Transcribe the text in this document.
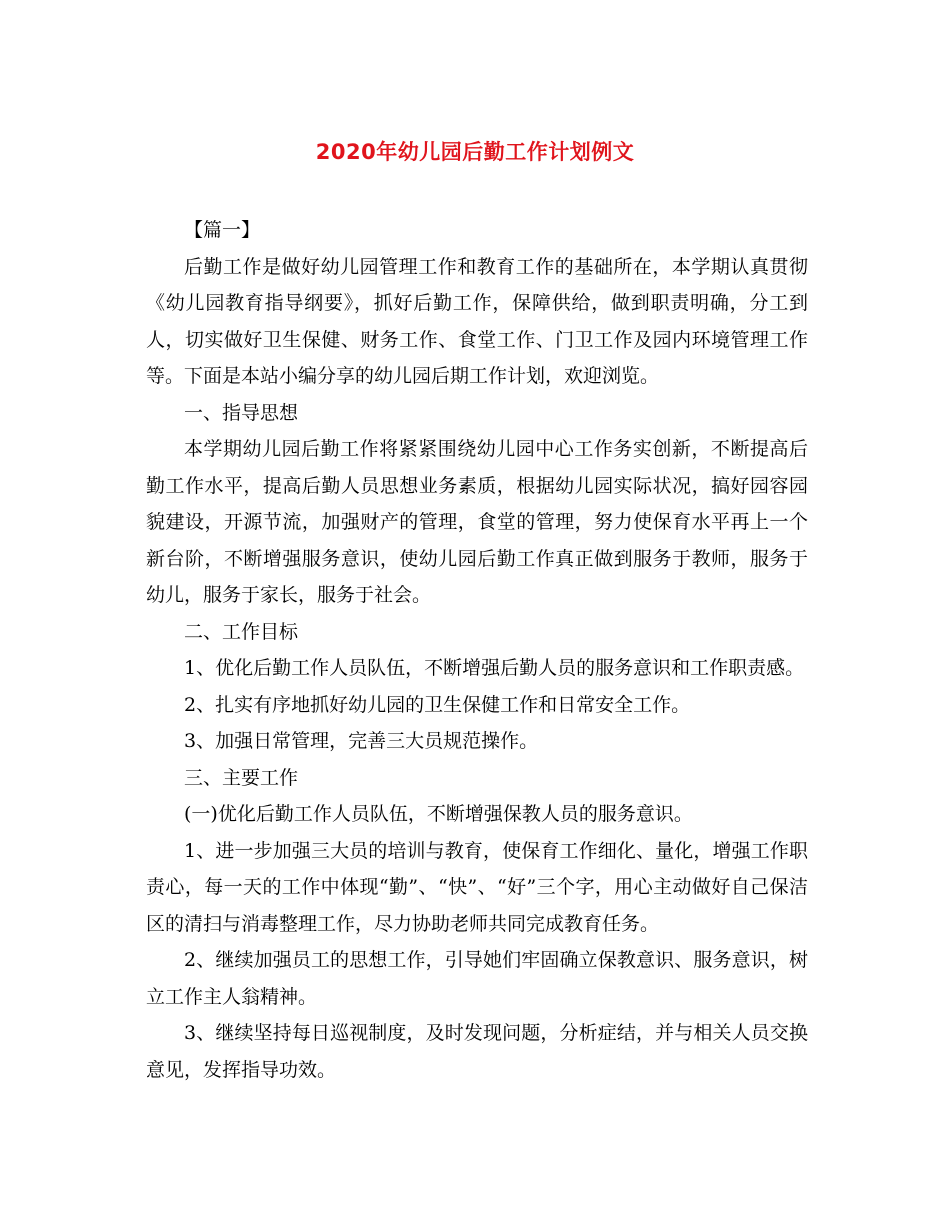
2020年幼儿园后勤工作计划例文

【篇一】

后勤工作是做好幼儿园管理工作和教育工作的基础所在，本学期认真贯彻《幼儿园教育指导纲要》，抓好后勤工作，保障供给，做到职责明确，分工到人，切实做好卫生保健、财务工作、食堂工作、门卫工作及园内环境管理工作等。下面是本站小编分享的幼儿园后期工作计划，欢迎浏览。

一、指导思想

本学期幼儿园后勤工作将紧紧围绕幼儿园中心工作务实创新，不断提高后勤工作水平，提高后勤人员思想业务素质，根据幼儿园实际状况，搞好园容园貌建设，开源节流，加强财产的管理，食堂的管理，努力使保育水平再上一个新台阶，不断增强服务意识，使幼儿园后勤工作真正做到服务于教师，服务于幼儿，服务于家长，服务于社会。

二、工作目标

1、优化后勤工作人员队伍，不断增强后勤人员的服务意识和工作职责感。

2、扎实有序地抓好幼儿园的卫生保健工作和日常安全工作。

3、加强日常管理，完善三大员规范操作。

三、主要工作

(一)优化后勤工作人员队伍，不断增强保教人员的服务意识。

1、进一步加强三大员的培训与教育，使保育工作细化、量化，增强工作职责心，每一天的工作中体现“勤”、“快”、“好”三个字，用心主动做好自己保洁区的清扫与消毒整理工作，尽力协助老师共同完成教育任务。

2、继续加强员工的思想工作，引导她们牢固确立保教意识、服务意识，树立工作主人翁精神。

3、继续坚持每日巡视制度，及时发现问题，分析症结，并与相关人员交换意见，发挥指导功效。
